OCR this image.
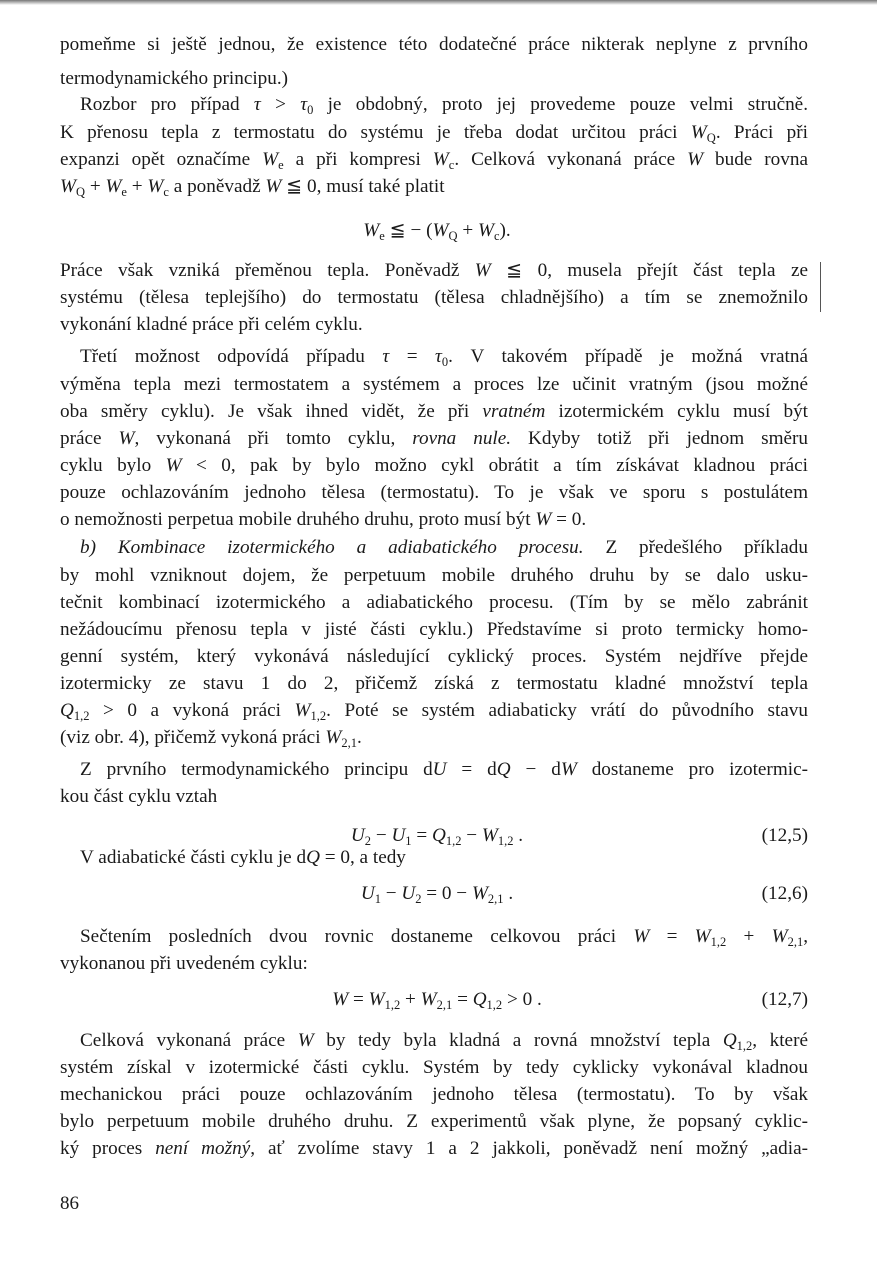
pomeňme si ještě jednou, že existence této dodatečné práce nikterak neplyne z prvního
termodynamického principu.)
Rozbor pro případ $\tau > \tau_0$ je obdobný, proto jej provedeme pouze velmi stručně.
K přenosu tepla z termostatu do systému je třeba dodat určitou práci $W_Q$. Práci při
expanzi opět označíme $W_e$ a při kompresi $W_c$. Celková vykonaná práce W bude rovna
$W_Q + W_e + W_c$ a poněvadž W ≦ 0, musí také platit
$W_e$ ≦ − $(W_Q + W_c)$.
Práce však vzniká přeměnou tepla. Poněvadž W ≦ 0, musela přejít část tepla ze
systému (tělesa teplejšího) do termostatu (tělesa chladnějšího) a tím se znemožnilo
vykonání kladné práce při celém cyklu.
Třetí možnost odpovídá případu $\tau = \tau_0$. V takovém případě je možná vratná
výměna tepla mezi termostatem a systémem a proces lze učinit vratným (jsou možné
oba směry cyklu). Je však ihned vidět, že při vratném izotermickém cyklu musí být
práce W, vykonaná při tomto cyklu, rovna nule. Kdyby totiž při jednom směru
cyklu bylo W < 0, pak by bylo možno cykl obrátit a tím získávat kladnou práci
pouze ochlazováním jednoho tělesa (termostatu). To je však ve sporu s postulátem
o nemožnosti perpetua mobile druhého druhu, proto musí být W = 0.
b) Kombinace izotermického a adiabatického procesu. Z předešlého příkladu
by mohl vzniknout dojem, že perpetuum mobile druhého druhu by se dalo usku-
tečnit kombinací izotermického a adiabatického procesu. (Tím by se mělo zabránit
nežádoucímu přenosu tepla v jisté části cyklu.) Představíme si proto termicky homo-
genní systém, který vykonává následující cyklický proces. Systém nejdříve přejde
izotermicky ze stavu 1 do 2, přičemž získá z termostatu kladné množství tepla
$Q_{1,2} > 0$ a vykoná práci $W_{1,2}$. Poté se systém adiabaticky vrátí do původního stavu
(viz obr. 4), přičemž vykoná práci $W_{2,1}$.
Z prvního termodynamického principu dU = dQ − dW dostaneme pro izotermic-
kou část cyklu vztah
$U_2 - U_1 = Q_{1,2} - W_{1,2}$ .	(12,5)
V adiabatické části cyklu je dQ = 0, a tedy
$U_1 - U_2 = 0 - W_{2,1}$ .	(12,6)
Sečtením posledních dvou rovnic dostaneme celkovou práci $W = W_{1,2} + W_{2,1}$,
vykonanou při uvedeném cyklu:
$W = W_{1,2} + W_{2,1} = Q_{1,2} > 0$ .	(12,7)
Celková vykonaná práce W by tedy byla kladná a rovná množství tepla $Q_{1,2}$, které
systém získal v izotermické části cyklu. Systém by tedy cyklicky vykonával kladnou
mechanickou práci pouze ochlazováním jednoho tělesa (termostatu). To by však
bylo perpetuum mobile druhého druhu. Z experimentů však plyne, že popsaný cyklic-
ký proces není možný, ať zvolíme stavy 1 a 2 jakkoli, poněvadž není možný „adia-
86
